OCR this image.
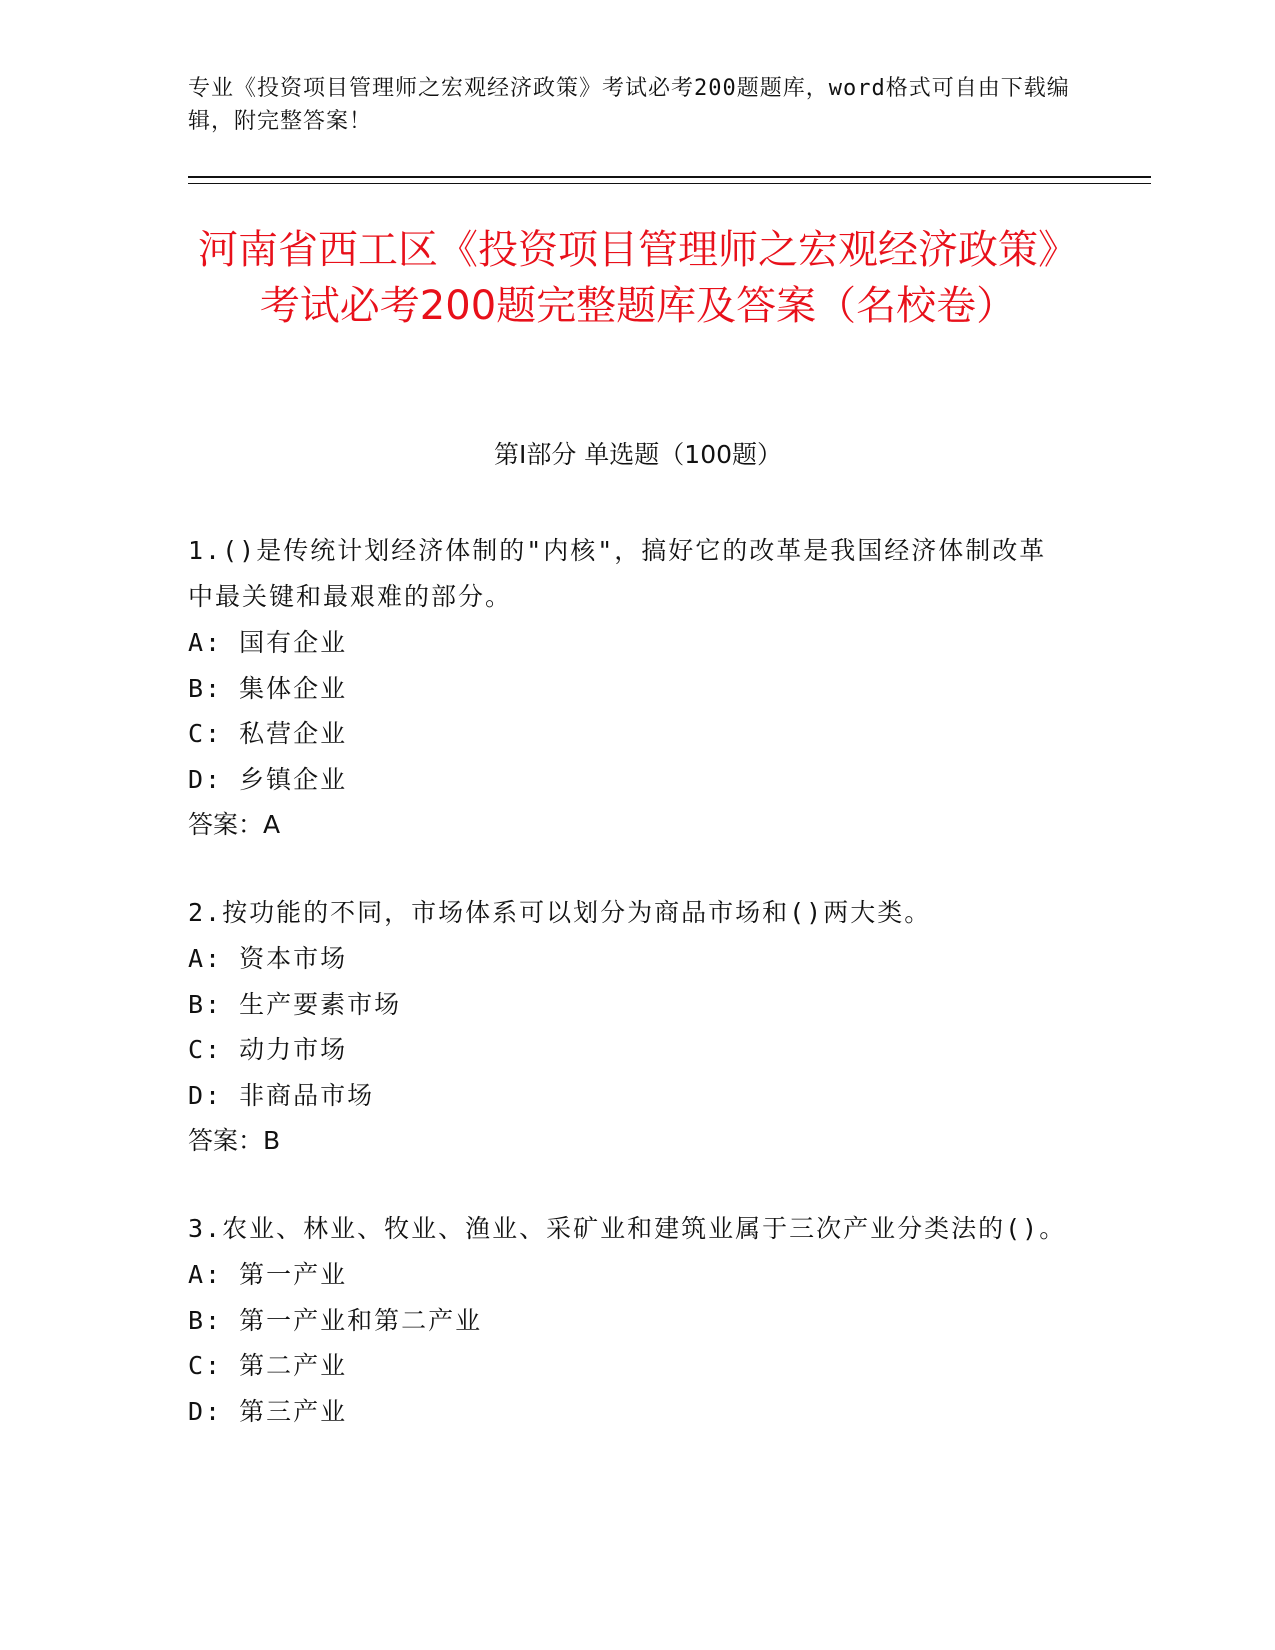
专业《投资项目管理师之宏观经济政策》考试必考200题题库，word格式可自由下载编辑，附完整答案！
河南省西工区《投资项目管理师之宏观经济政策》考试必考200题完整题库及答案（名校卷）
第I部分 单选题（100题）
1.()是传统计划经济体制的"内核"，搞好它的改革是我国经济体制改革中最关键和最艰难的部分。
A: 国有企业
B: 集体企业
C: 私营企业
D: 乡镇企业
答案：A
2.按功能的不同，市场体系可以划分为商品市场和()两大类。
A: 资本市场
B: 生产要素市场
C: 动力市场
D: 非商品市场
答案：B
3.农业、林业、牧业、渔业、采矿业和建筑业属于三次产业分类法的()。
A: 第一产业
B: 第一产业和第二产业
C: 第二产业
D: 第三产业
